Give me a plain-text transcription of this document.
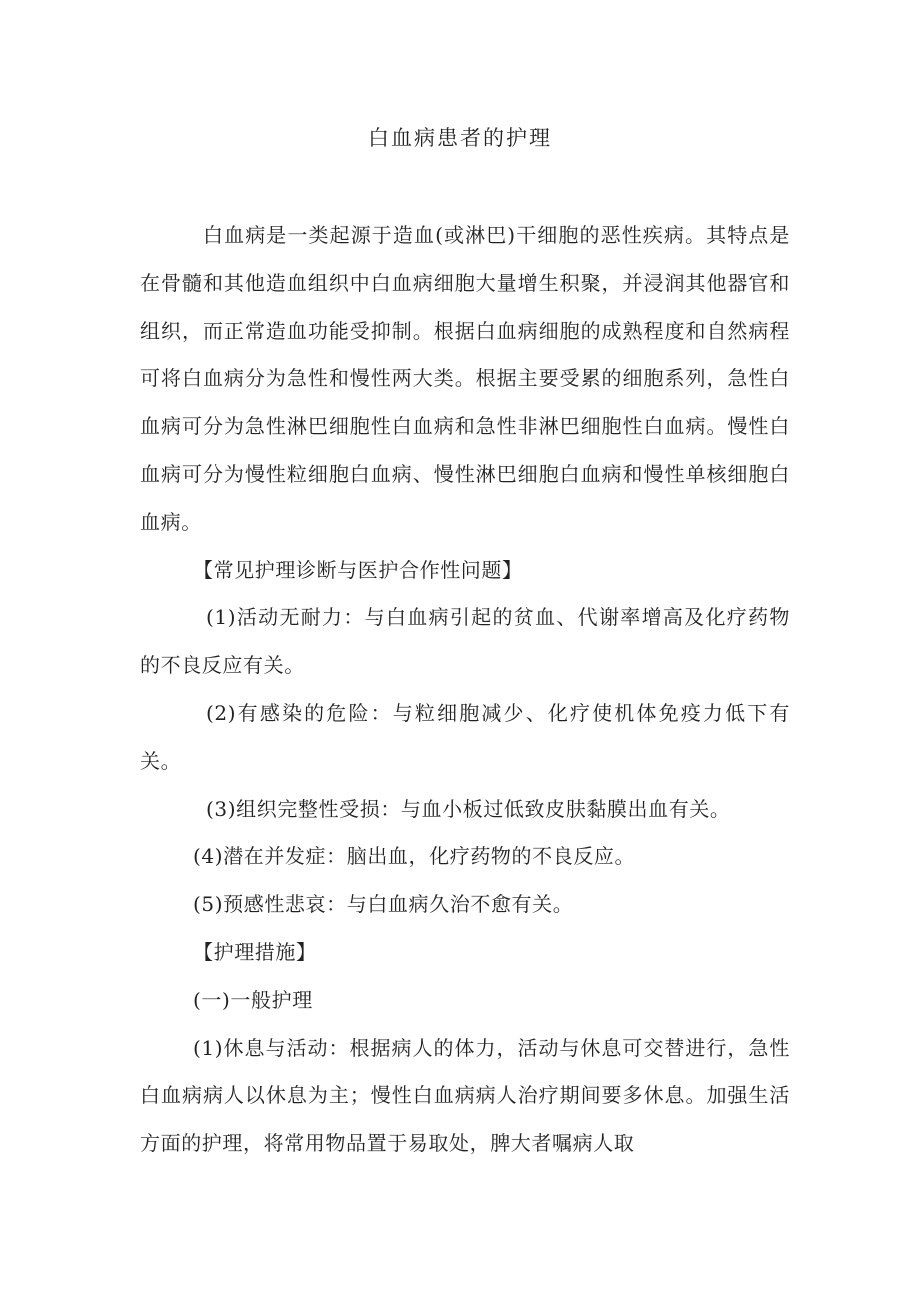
白血病患者的护理

白血病是一类起源于造血(或淋巴)干细胞的恶性疾病。其特点是在骨髓和其他造血组织中白血病细胞大量增生积聚，并浸润其他器官和组织，而正常造血功能受抑制。根据白血病细胞的成熟程度和自然病程可将白血病分为急性和慢性两大类。根据主要受累的细胞系列，急性白血病可分为急性淋巴细胞性白血病和急性非淋巴细胞性白血病。慢性白血病可分为慢性粒细胞白血病、慢性淋巴细胞白血病和慢性单核细胞白血病。

【常见护理诊断与医护合作性问题】

(1)活动无耐力：与白血病引起的贫血、代谢率增高及化疗药物的不良反应有关。

(2)有感染的危险：与粒细胞减少、化疗使机体免疫力低下有关。

(3)组织完整性受损：与血小板过低致皮肤黏膜出血有关。

(4)潜在并发症：脑出血，化疗药物的不良反应。

(5)预感性悲哀：与白血病久治不愈有关。

【护理措施】

(一)一般护理

(1)休息与活动：根据病人的体力，活动与休息可交替进行，急性白血病病人以休息为主；慢性白血病病人治疗期间要多休息。加强生活方面的护理，将常用物品置于易取处，脾大者嘱病人取
